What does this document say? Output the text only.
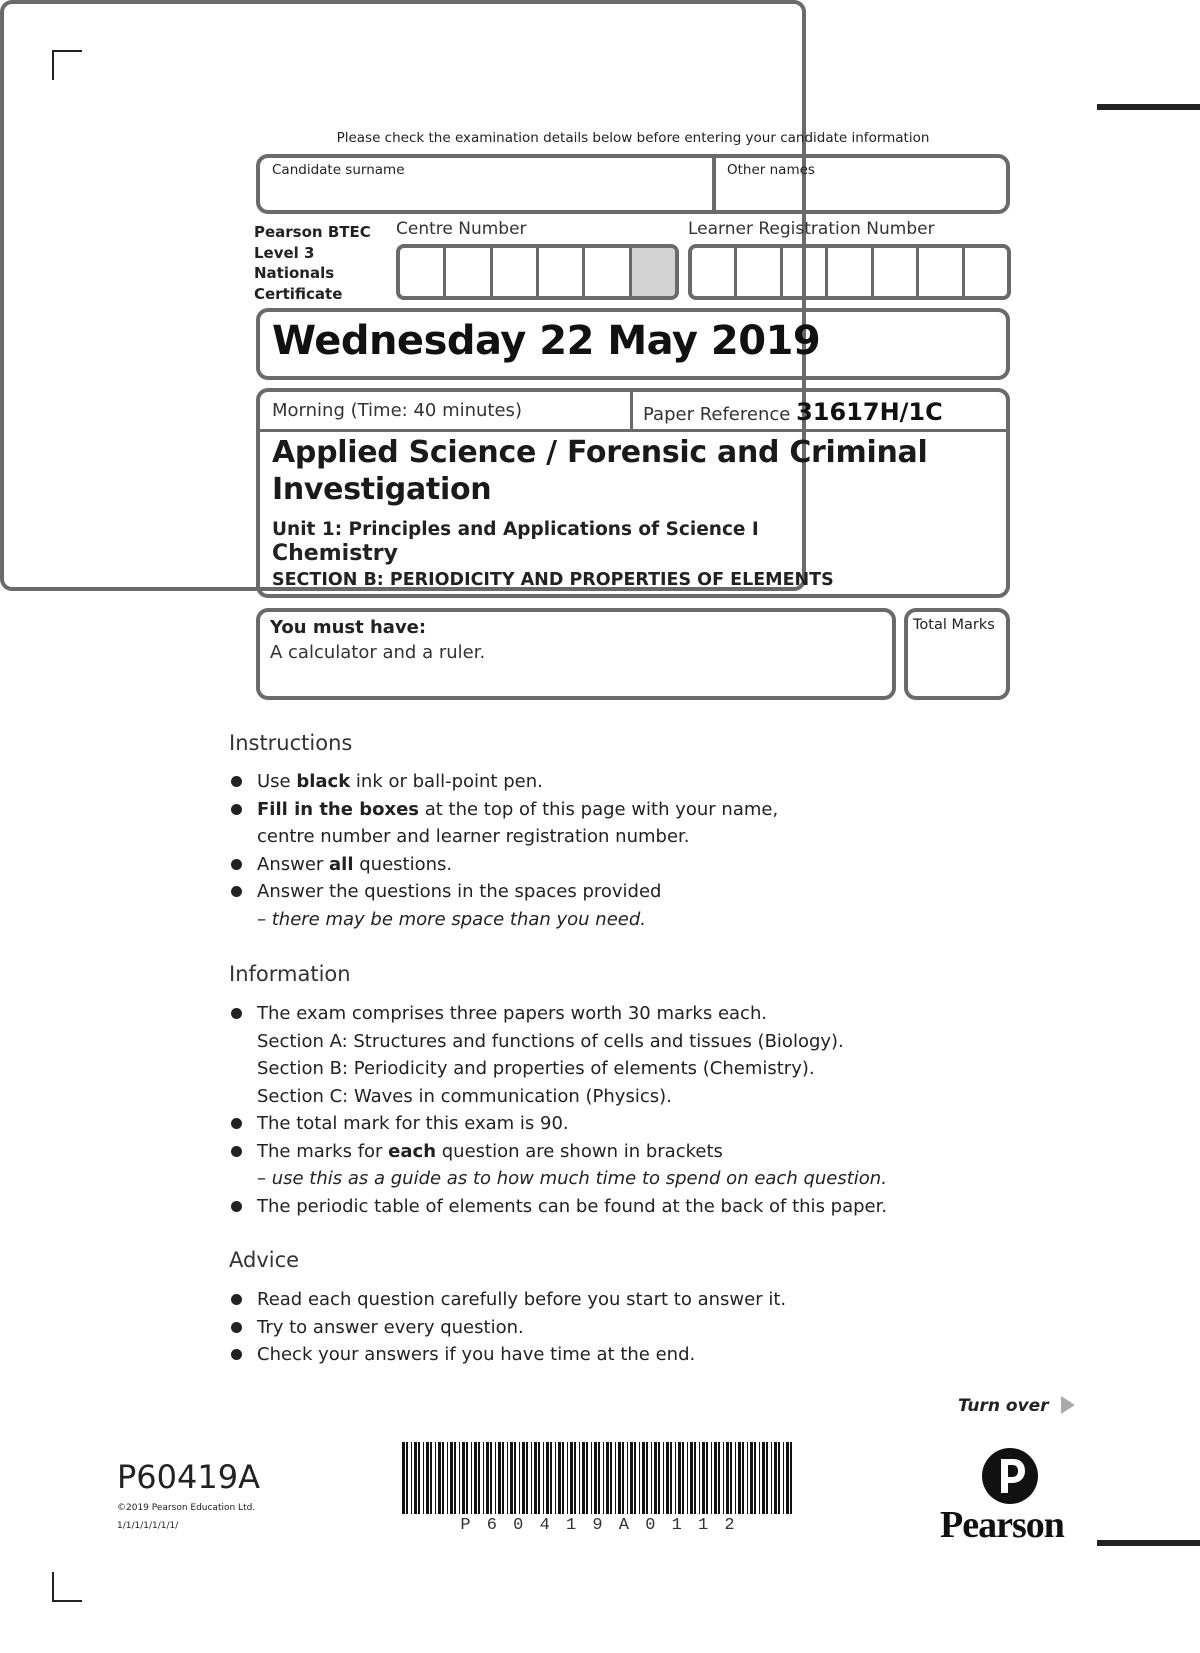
Please check the examination details below before entering your candidate information
Candidate surname	Other names
Pearson BTEC
Level 3
Nationals
Certificate
Centre Number	Learner Registration Number
Wednesday 22 May 2019
Morning (Time: 40 minutes)	Paper Reference 31617H/1C
Applied Science / Forensic and Criminal
Investigation
Unit 1: Principles and Applications of Science I
Chemistry
SECTION B: PERIODICITY AND PROPERTIES OF ELEMENTS
You must have:
A calculator and a ruler.
Total Marks
Instructions
Use black ink or ball-point pen.
Fill in the boxes at the top of this page with your name,
centre number and learner registration number.
Answer all questions.
Answer the questions in the spaces provided
– there may be more space than you need.
Information
The exam comprises three papers worth 30 marks each.
Section A: Structures and functions of cells and tissues (Biology).
Section B: Periodicity and properties of elements (Chemistry).
Section C: Waves in communication (Physics).
The total mark for this exam is 90.
The marks for each question are shown in brackets
– use this as a guide as to how much time to spend on each question.
The periodic table of elements can be found at the back of this paper.
Advice
Read each question carefully before you start to answer it.
Try to answer every question.
Check your answers if you have time at the end.
Turn over
P60419A
©2019 Pearson Education Ltd.
1/1/1/1/1/1/1/	P 6 0 4 1 9 A 0 1 1 2	Pearson
